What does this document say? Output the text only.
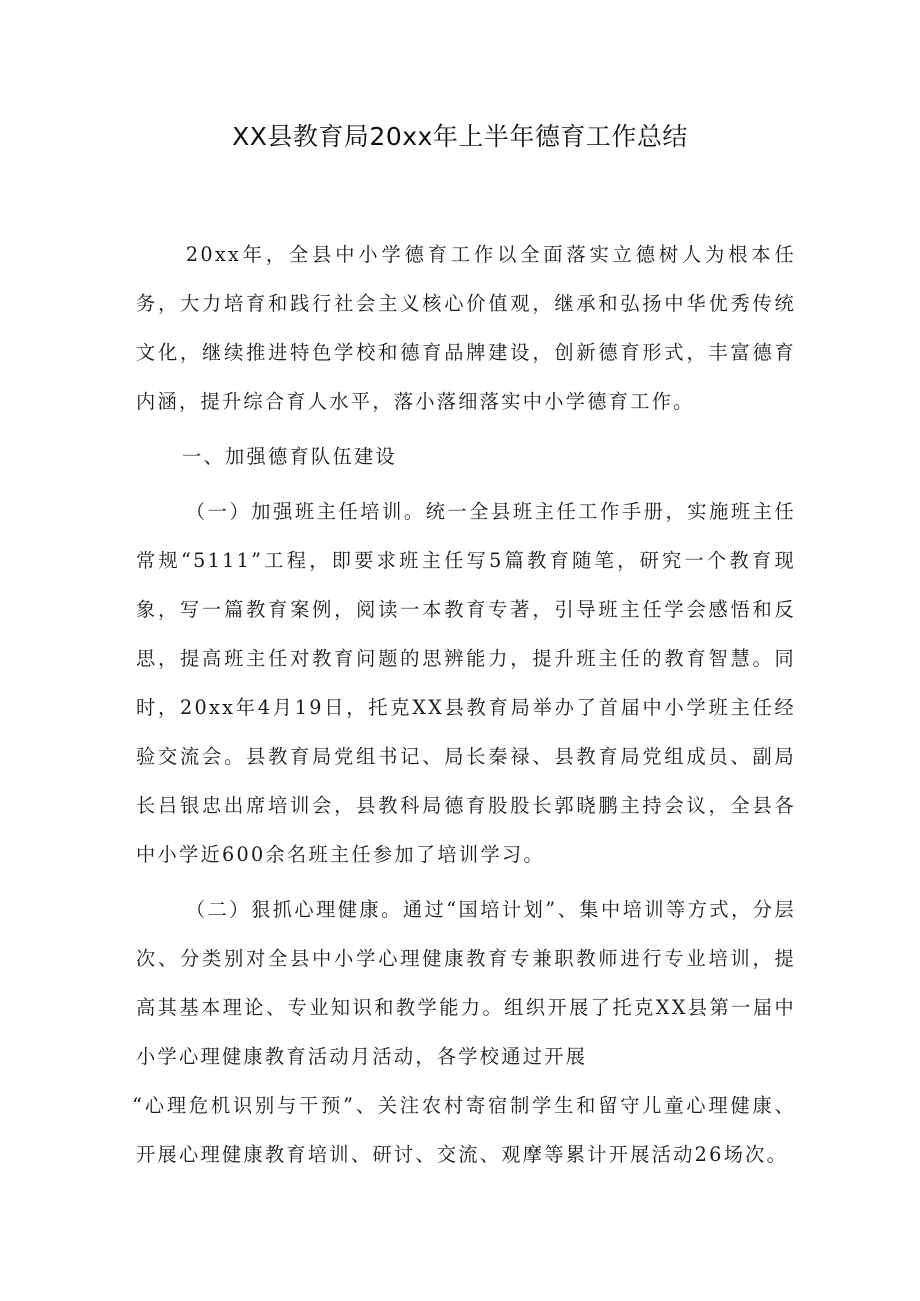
XX县教育局20xx年上半年德育工作总结

20xx年，全县中小学德育工作以全面落实立德树人为根本任务，大力培育和践行社会主义核心价值观，继承和弘扬中华优秀传统文化，继续推进特色学校和德育品牌建设，创新德育形式，丰富德育内涵，提升综合育人水平，落小落细落实中小学德育工作。

一、加强德育队伍建设

（一）加强班主任培训。统一全县班主任工作手册，实施班主任常规“5111”工程，即要求班主任写5篇教育随笔，研究一个教育现象，写一篇教育案例，阅读一本教育专著，引导班主任学会感悟和反思，提高班主任对教育问题的思辨能力，提升班主任的教育智慧。同时，20xx年4月19日，托克XX县教育局举办了首届中小学班主任经验交流会。县教育局党组书记、局长秦禄、县教育局党组成员、副局长吕银忠出席培训会，县教科局德育股股长郭晓鹏主持会议，全县各中小学近600余名班主任参加了培训学习。

（二）狠抓心理健康。通过“国培计划”、集中培训等方式，分层次、分类别对全县中小学心理健康教育专兼职教师进行专业培训，提高其基本理论、专业知识和教学能力。组织开展了托克XX县第一届中小学心理健康教育活动月活动，各学校通过开展

“心理危机识别与干预”、关注农村寄宿制学生和留守儿童心理健康、开展心理健康教育培训、研讨、交流、观摩等累计开展活动26场次。
